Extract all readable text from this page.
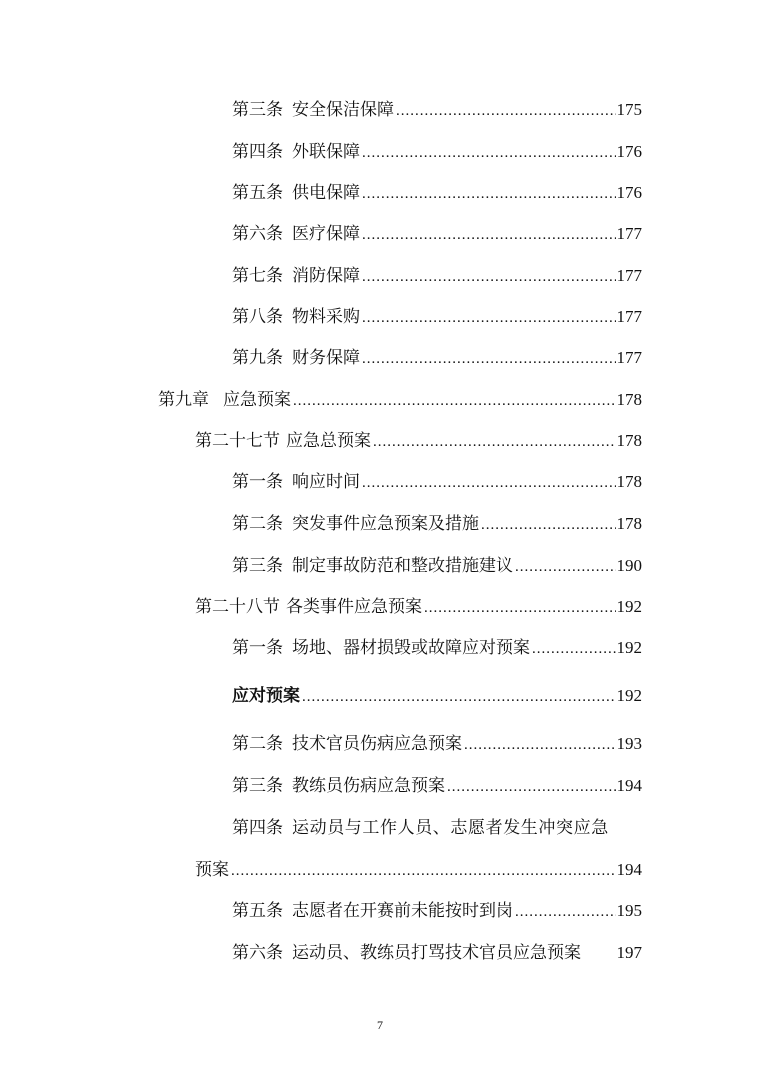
第三条 安全保洁保障 .....	175
第四条 外联保障 .....	176
第五条 供电保障 .....	176
第六条 医疗保障 .....	177
第七条 消防保障 .....	177
第八条 物料采购 .....	177
第九条 财务保障 .....	177
第九章 应急预案 .....	178
第二十七节 应急总预案 .....	178
第一条 响应时间 .....	178
第二条 突发事件应急预案及措施 .....	178
第三条 制定事故防范和整改措施建议 .....	190
第二十八节 各类事件应急预案 .....	192
第一条 场地、器材损毁或故障应对预案 .....	192
应对预案 .....	192
第二条 技术官员伤病应急预案 .....	193
第三条 教练员伤病应急预案 .....	194
第四条 运动员与工作人员、志愿者发生冲突应急
预案 .....	194
第五条 志愿者在开赛前未能按时到岗 .....	195
第六条 运动员、教练员打骂技术官员应急预案 197
7
